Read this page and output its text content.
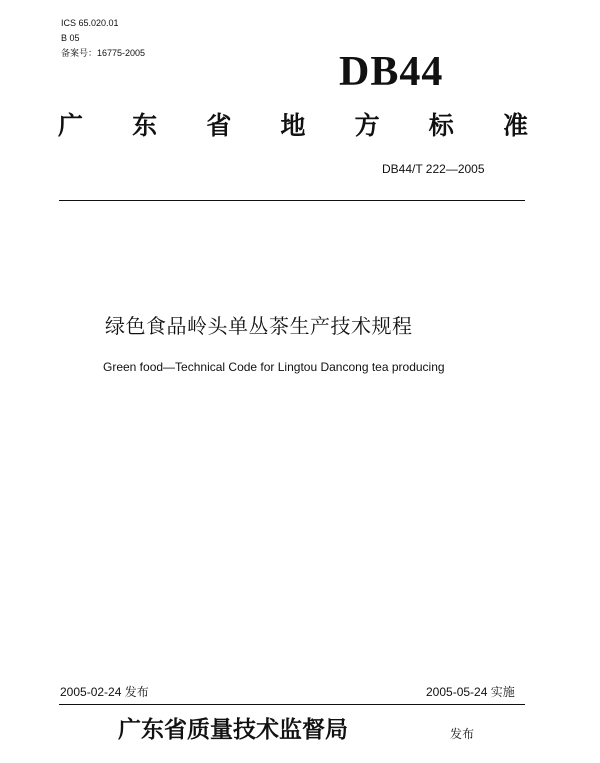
ICS 65.020.01
B 05
备案号：16775-2005	DB44
广 东 省 地 方 标 准
DB44/T 222—2005
绿色食品岭头单丛茶生产技术规程
Green food—Technical Code for Lingtou Dancong tea producing
2005-02-24 发布	2005-05-24 实施
广东省质量技术监督局	发布
